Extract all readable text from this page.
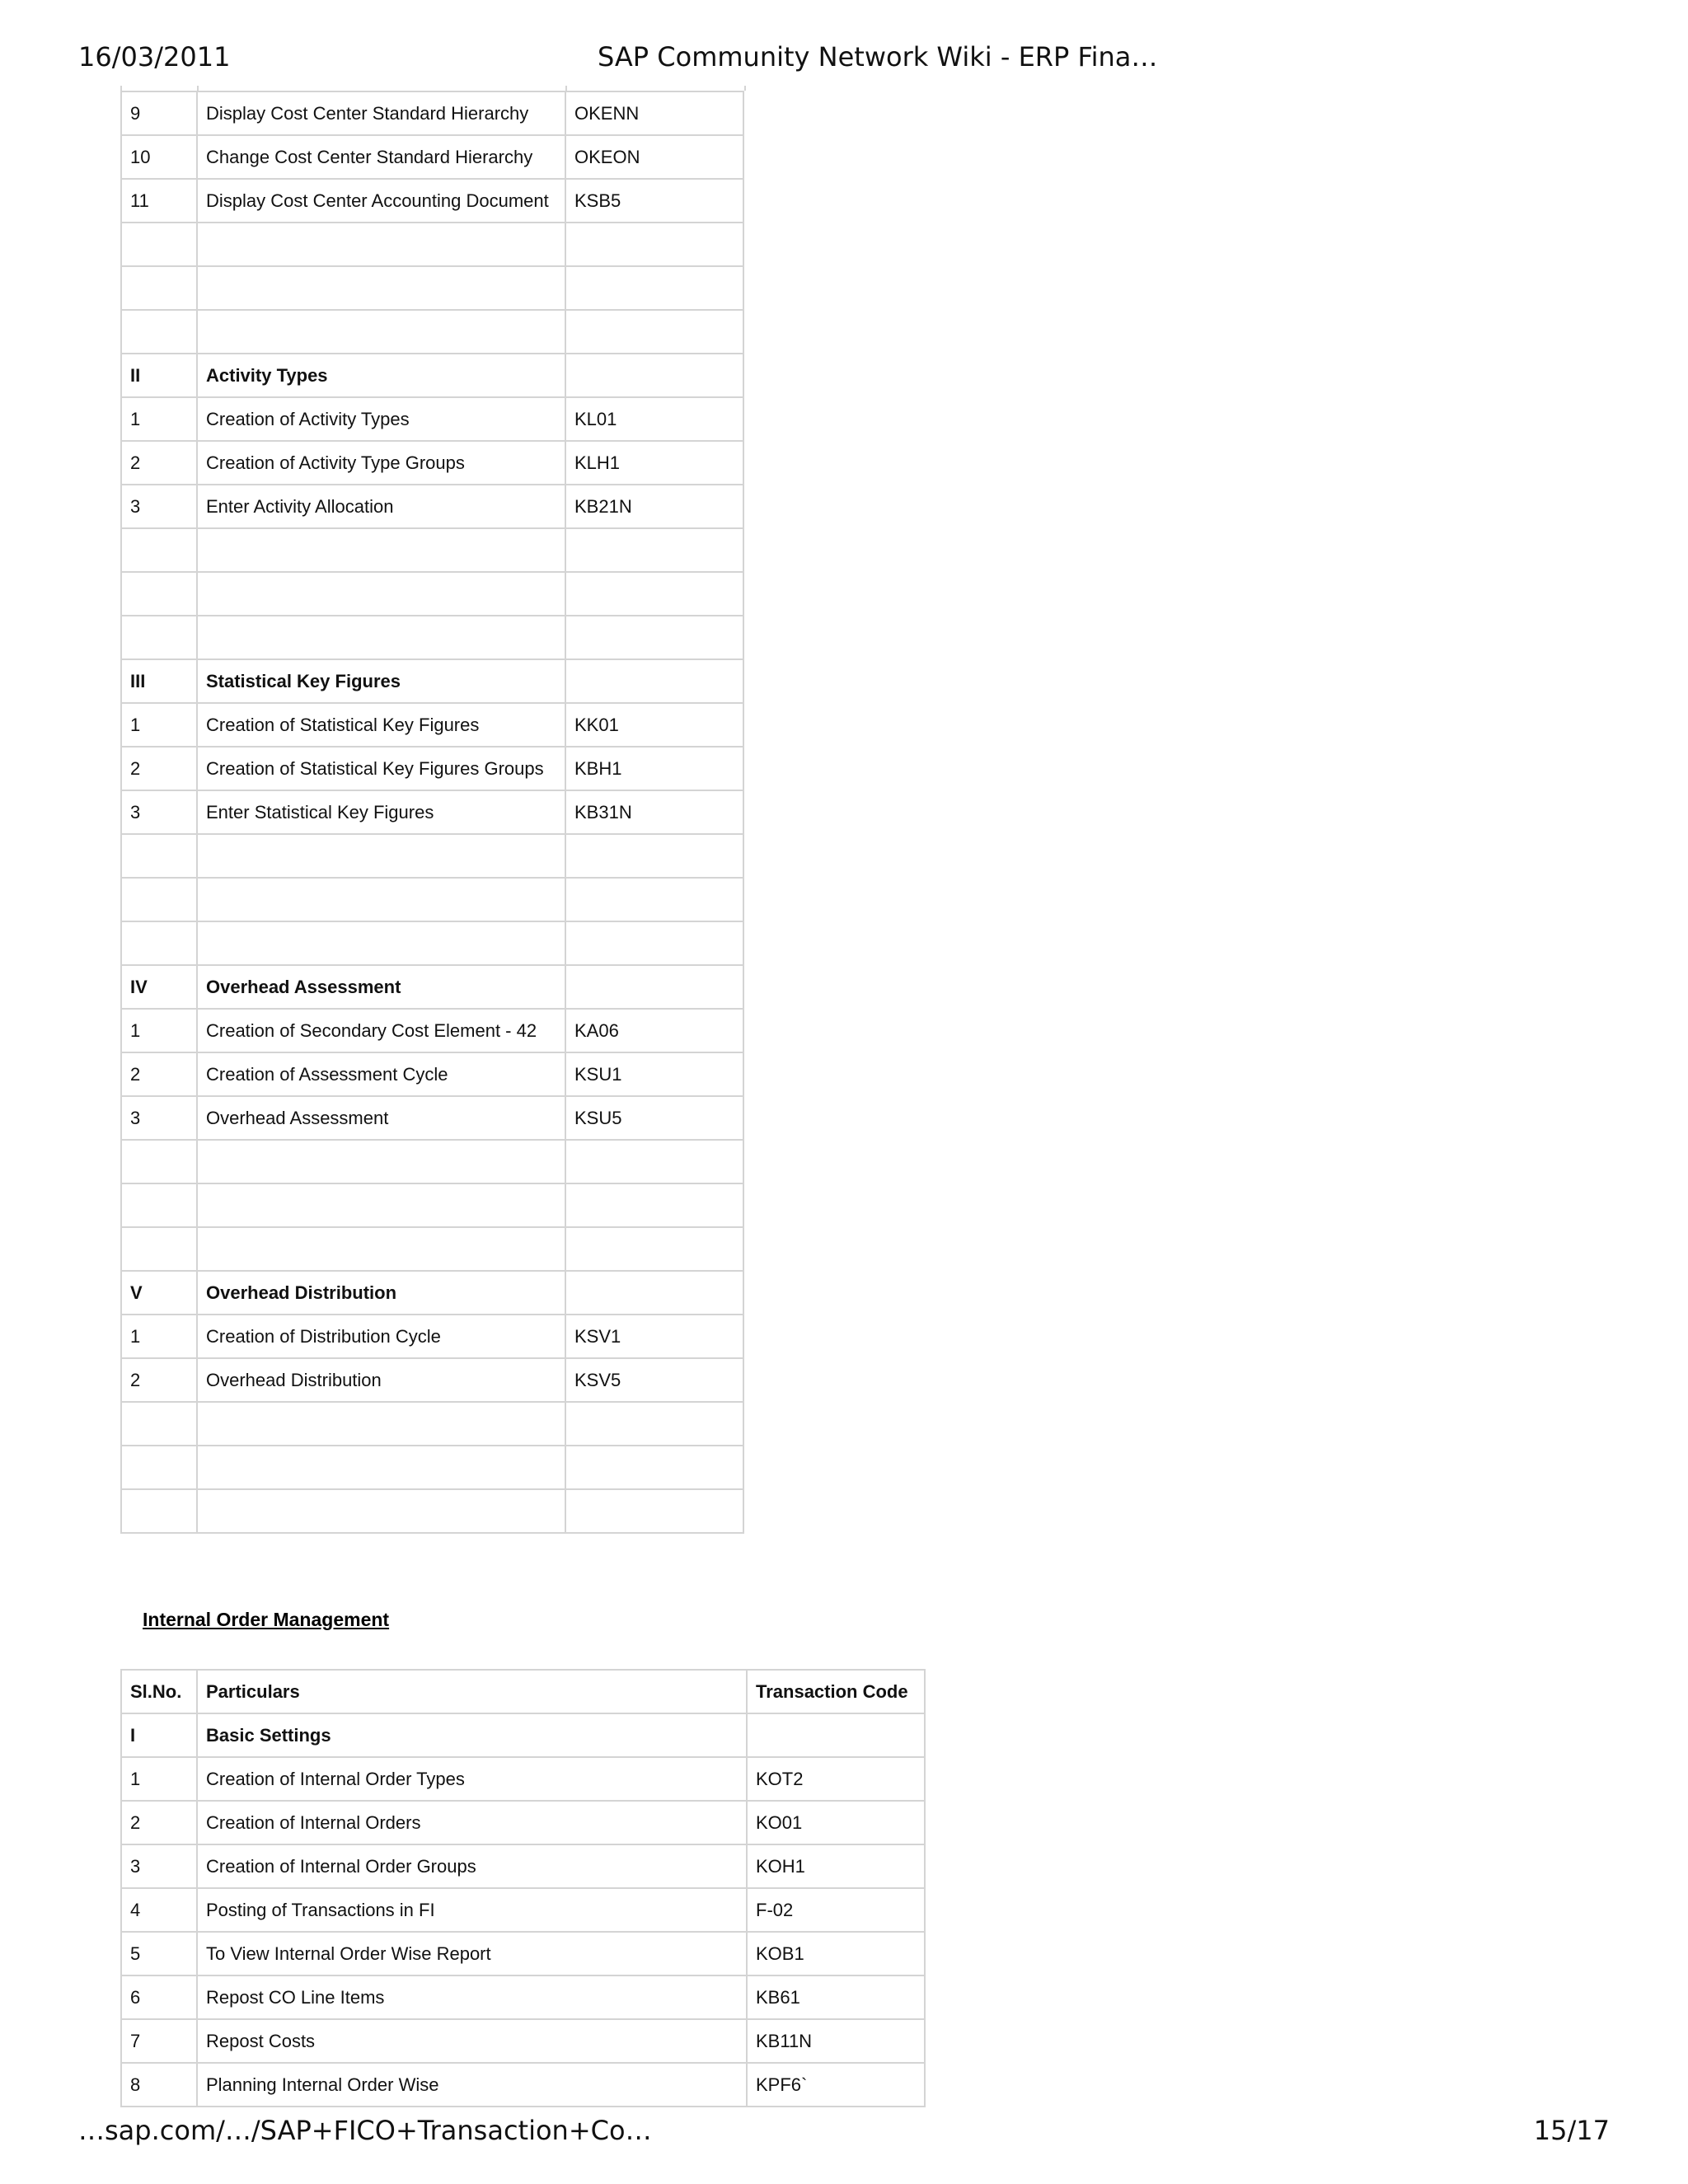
16/03/2011	SAP Community Network Wiki - ERP Fina…
9	Display Cost Center Standard Hierarchy	OKENN
10	Change Cost Center Standard Hierarchy	OKEON
11	Display Cost Center Accounting Document	KSB5

II	Activity Types	
1	Creation of Activity Types	KL01
2	Creation of Activity Type Groups	KLH1
3	Enter Activity Allocation	KB21N

III	Statistical Key Figures	
1	Creation of Statistical Key Figures	KK01
2	Creation of Statistical Key Figures Groups	KBH1
3	Enter Statistical Key Figures	KB31N

IV	Overhead Assessment	
1	Creation of Secondary Cost Element - 42	KA06
2	Creation of Assessment Cycle	KSU1
3	Overhead Assessment	KSU5

V	Overhead Distribution	
1	Creation of Distribution Cycle	KSV1
2	Overhead Distribution	KSV5

Internal Order Management
Sl.No.	Particulars	Transaction Code
I	Basic Settings	
1	Creation of Internal Order Types	KOT2
2	Creation of Internal Orders	KO01
3	Creation of Internal Order Groups	KOH1
4	Posting of Transactions in FI	F-02
5	To View Internal Order Wise Report	KOB1
6	Repost CO Line Items	KB61
7	Repost Costs	KB11N
8	Planning Internal Order Wise	KPF6`
…sap.com/…/SAP+FICO+Transaction+Co…	15/17
